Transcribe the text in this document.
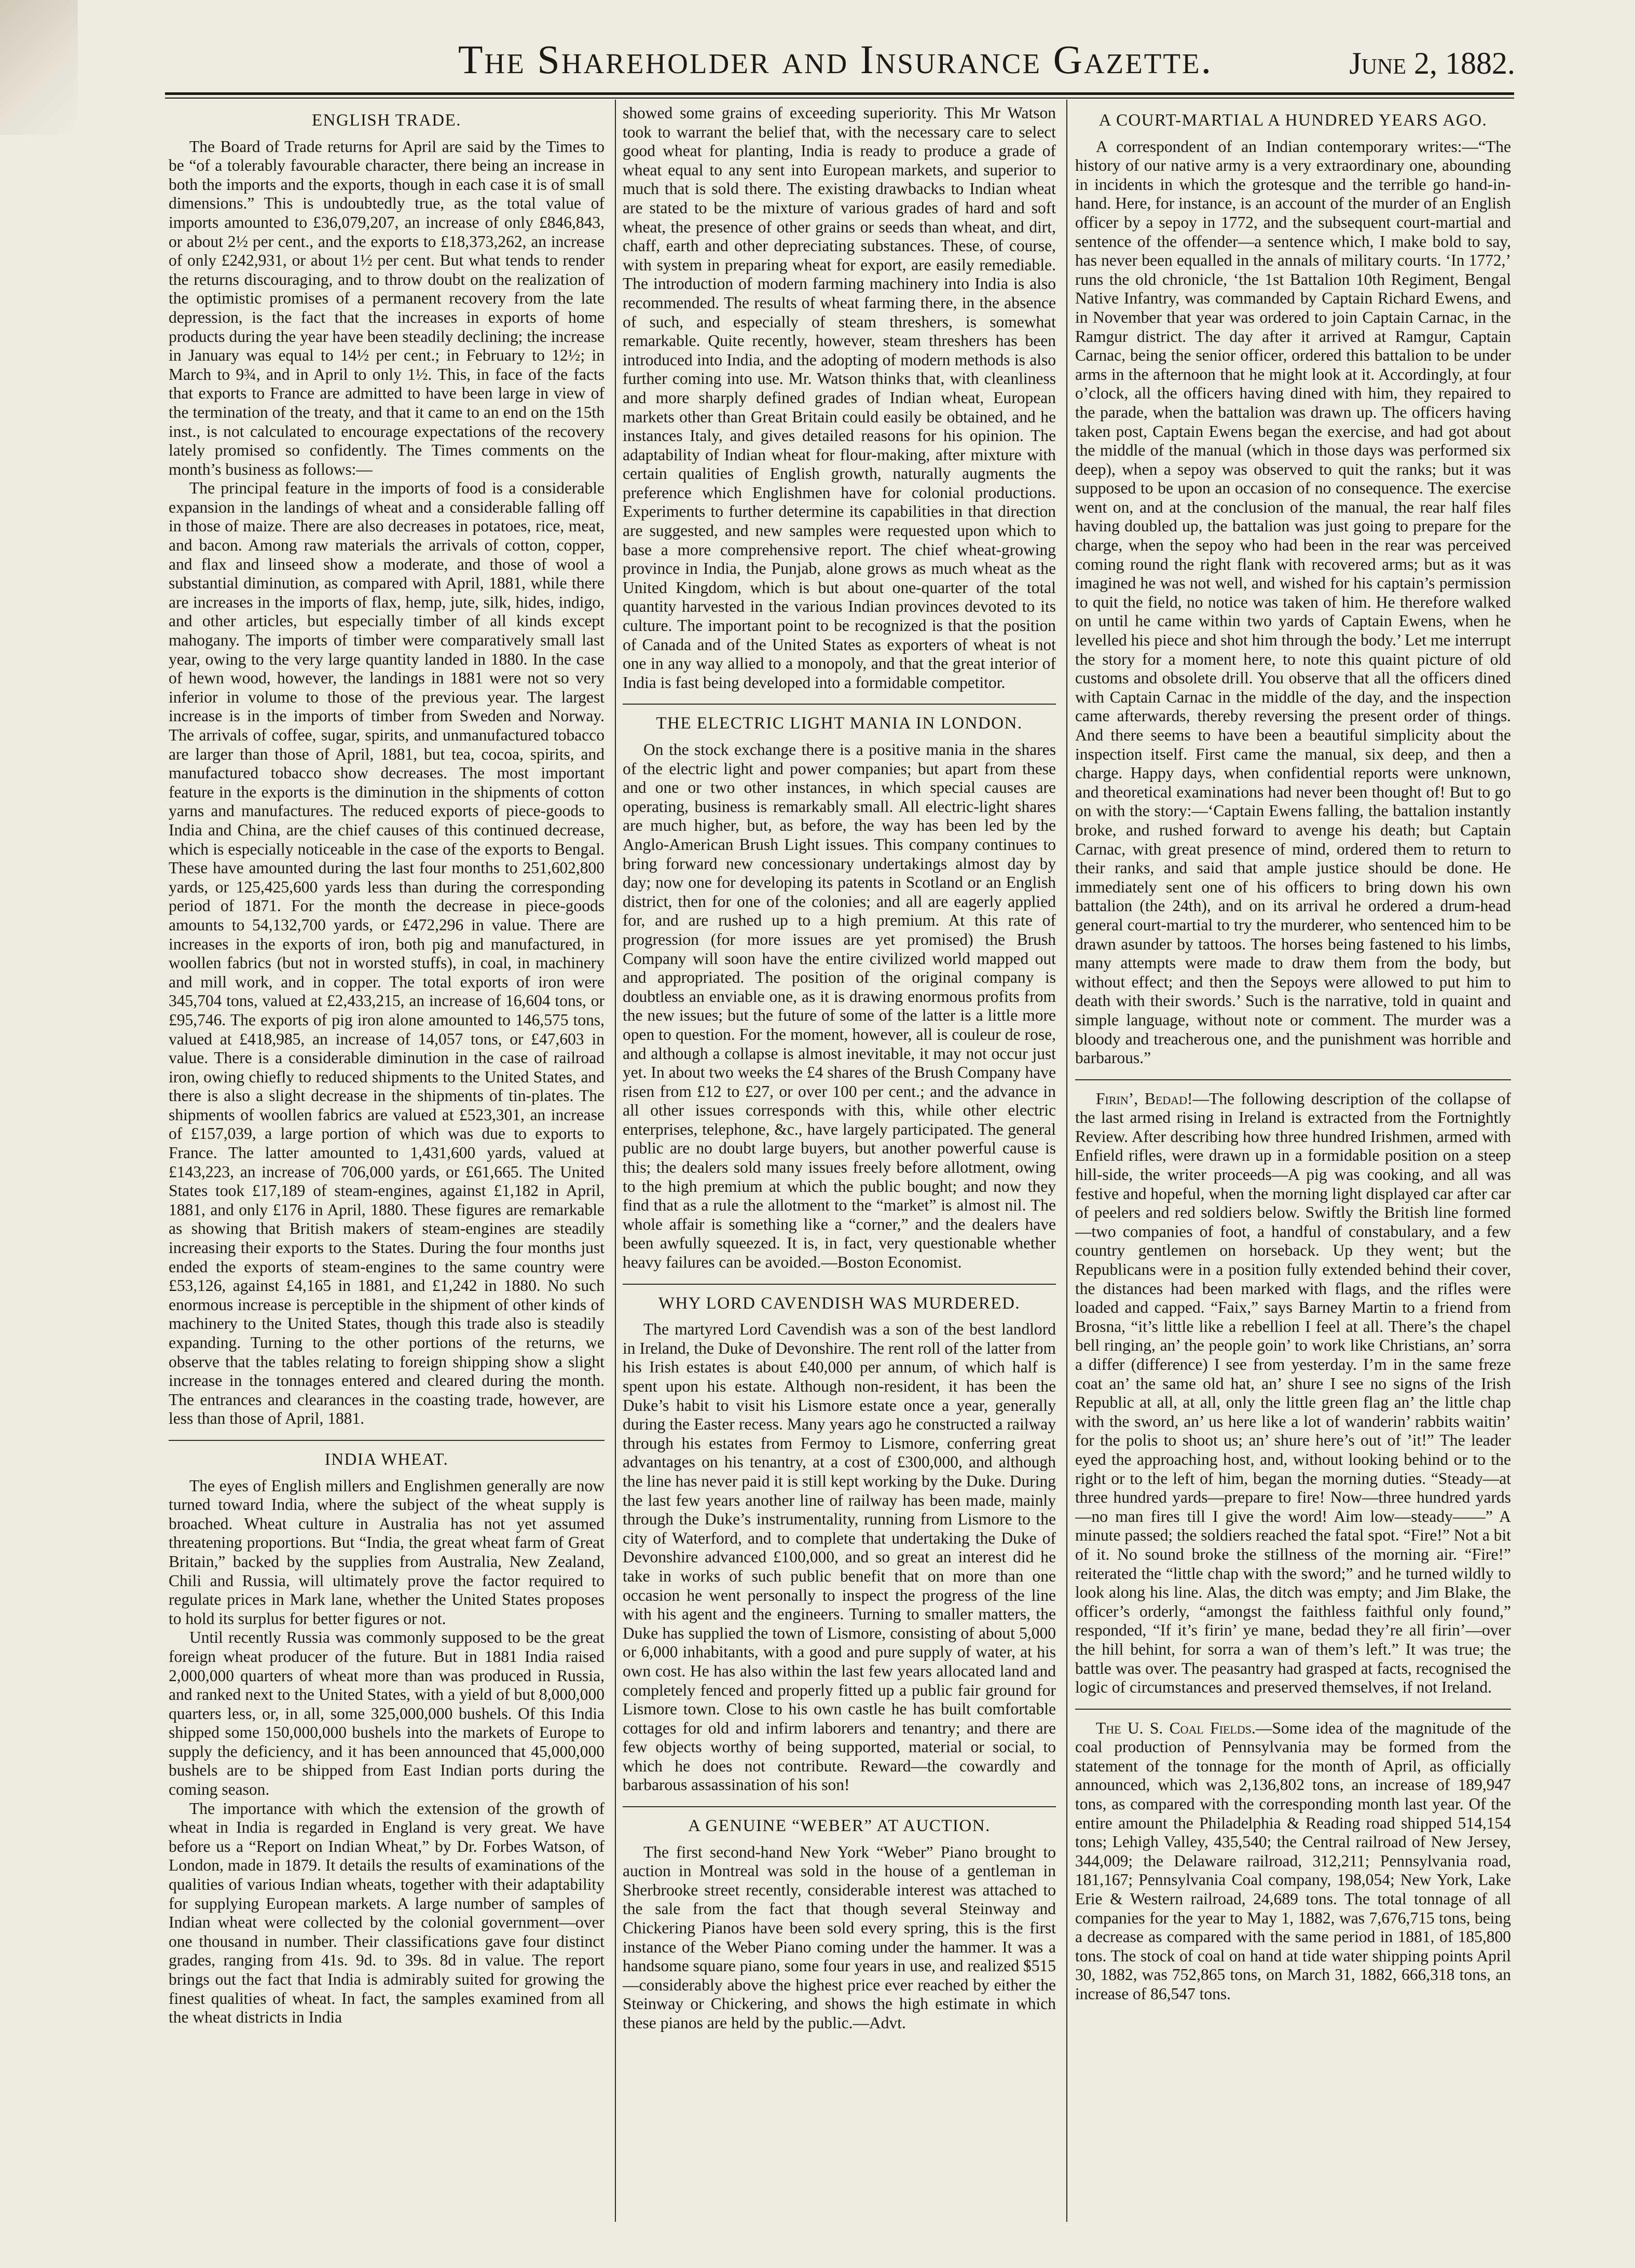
The Shareholder and Insurance Gazette.	June 2, 1882.
ENGLISH TRADE.

The Board of Trade returns for April are said by the Times to be “of a tolerably favourable character, there being an increase in both the imports and the exports, though in each case it is of small dimensions.” This is undoubtedly true, as the total value of imports amounted to £36,079,207, an increase of only £846,843, or about 2½ per cent., and the exports to £18,373,262, an increase of only £242,931, or about 1½ per cent. But what tends to render the returns discouraging, and to throw doubt on the realization of the optimistic promises of a permanent recovery from the late depression, is the fact that the increases in exports of home products during the year have been steadily declining; the increase in January was equal to 14½ per cent.; in February to 12½; in March to 9¾, and in April to only 1½. This, in face of the facts that exports to France are admitted to have been large in view of the termination of the treaty, and that it came to an end on the 15th inst., is not calculated to encourage expectations of the recovery lately promised so confidently. The Times comments on the month’s business as follows:—

The principal feature in the imports of food is a considerable expansion in the landings of wheat and a considerable falling off in those of maize. There are also decreases in potatoes, rice, meat, and bacon. Among raw materials the arrivals of cotton, copper, and flax and linseed show a moderate, and those of wool a substantial diminution, as compared with April, 1881, while there are increases in the imports of flax, hemp, jute, silk, hides, indigo, and other articles, but especially timber of all kinds except mahogany. The imports of timber were comparatively small last year, owing to the very large quantity landed in 1880. In the case of hewn wood, however, the landings in 1881 were not so very inferior in volume to those of the previous year. The largest increase is in the imports of timber from Sweden and Norway. The arrivals of coffee, sugar, spirits, and unmanufactured tobacco are larger than those of April, 1881, but tea, cocoa, spirits, and manufactured tobacco show decreases. The most important feature in the exports is the diminution in the shipments of cotton yarns and manufactures. The reduced exports of piece-goods to India and China, are the chief causes of this continued decrease, which is especially noticeable in the case of the exports to Bengal. These have amounted during the last four months to 251,602,800 yards, or 125,425,600 yards less than during the corresponding period of 1871. For the month the decrease in piece-goods amounts to 54,132,700 yards, or £472,296 in value. There are increases in the exports of iron, both pig and manufactured, in woollen fabrics (but not in worsted stuffs), in coal, in machinery and mill work, and in copper. The total exports of iron were 345,704 tons, valued at £2,433,215, an increase of 16,604 tons, or £95,746. The exports of pig iron alone amounted to 146,575 tons, valued at £418,985, an increase of 14,057 tons, or £47,603 in value. There is a considerable diminution in the case of railroad iron, owing chiefly to reduced shipments to the United States, and there is also a slight decrease in the shipments of tin-plates. The shipments of woollen fabrics are valued at £523,301, an increase of £157,039, a large portion of which was due to exports to France. The latter amounted to 1,431,600 yards, valued at £143,223, an increase of 706,000 yards, or £61,665. The United States took £17,189 of steam-engines, against £1,182 in April, 1881, and only £176 in April, 1880. These figures are remarkable as showing that British makers of steam-engines are steadily increasing their exports to the States. During the four months just ended the exports of steam-engines to the same country were £53,126, against £4,165 in 1881, and £1,242 in 1880. No such enormous increase is perceptible in the shipment of other kinds of machinery to the United States, though this trade also is steadily expanding. Turning to the other portions of the returns, we observe that the tables relating to foreign shipping show a slight increase in the tonnages entered and cleared during the month. The entrances and clearances in the coasting trade, however, are less than those of April, 1881.

INDIA WHEAT.

The eyes of English millers and Englishmen generally are now turned toward India, where the subject of the wheat supply is broached. Wheat culture in Australia has not yet assumed threatening proportions. But “India, the great wheat farm of Great Britain,” backed by the supplies from Australia, New Zealand, Chili and Russia, will ultimately prove the factor required to regulate prices in Mark lane, whether the United States proposes to hold its surplus for better figures or not.

Until recently Russia was commonly supposed to be the great foreign wheat producer of the future. But in 1881 India raised 2,000,000 quarters of wheat more than was produced in Russia, and ranked next to the United States, with a yield of but 8,000,000 quarters less, or, in all, some 325,000,000 bushels. Of this India shipped some 150,000,000 bushels into the markets of Europe to supply the deficiency, and it has been announced that 45,000,000 bushels are to be shipped from East Indian ports during the coming season.

The importance with which the extension of the growth of wheat in India is regarded in England is very great. We have before us a “Report on Indian Wheat,” by Dr. Forbes Watson, of London, made in 1879. It details the results of examinations of the qualities of various Indian wheats, together with their adaptability for supplying European markets. A large number of samples of Indian wheat were collected by the colonial government—over one thousand in number. Their classifications gave four distinct grades, ranging from 41s. 9d. to 39s. 8d in value. The report brings out the fact that India is admirably suited for growing the finest qualities of wheat. In fact, the samples examined from all the wheat districts in India

showed some grains of exceeding superiority. This Mr Watson took to warrant the belief that, with the necessary care to select good wheat for planting, India is ready to produce a grade of wheat equal to any sent into European markets, and superior to much that is sold there. The existing drawbacks to Indian wheat are stated to be the mixture of various grades of hard and soft wheat, the presence of other grains or seeds than wheat, and dirt, chaff, earth and other depreciating substances. These, of course, with system in preparing wheat for export, are easily remediable. The introduction of modern farming machinery into India is also recommended. The results of wheat farming there, in the absence of such, and especially of steam threshers, is somewhat remarkable. Quite recently, however, steam threshers has been introduced into India, and the adopting of modern methods is also further coming into use. Mr. Watson thinks that, with cleanliness and more sharply defined grades of Indian wheat, European markets other than Great Britain could easily be obtained, and he instances Italy, and gives detailed reasons for his opinion. The adaptability of Indian wheat for flour-making, after mixture with certain qualities of English growth, naturally augments the preference which Englishmen have for colonial productions. Experiments to further determine its capabilities in that direction are suggested, and new samples were requested upon which to base a more comprehensive report. The chief wheat-growing province in India, the Punjab, alone grows as much wheat as the United Kingdom, which is but about one-quarter of the total quantity harvested in the various Indian provinces devoted to its culture. The important point to be recognized is that the position of Canada and of the United States as exporters of wheat is not one in any way allied to a monopoly, and that the great interior of India is fast being developed into a formidable competitor.

THE ELECTRIC LIGHT MANIA IN LONDON.

On the stock exchange there is a positive mania in the shares of the electric light and power companies; but apart from these and one or two other instances, in which special causes are operating, business is remarkably small. All electric-light shares are much higher, but, as before, the way has been led by the Anglo-American Brush Light issues. This company continues to bring forward new concessionary undertakings almost day by day; now one for developing its patents in Scotland or an English district, then for one of the colonies; and all are eagerly applied for, and are rushed up to a high premium. At this rate of progression (for more issues are yet promised) the Brush Company will soon have the entire civilized world mapped out and appropriated. The position of the original company is doubtless an enviable one, as it is drawing enormous profits from the new issues; but the future of some of the latter is a little more open to question. For the moment, however, all is couleur de rose, and although a collapse is almost inevitable, it may not occur just yet. In about two weeks the £4 shares of the Brush Company have risen from £12 to £27, or over 100 per cent.; and the advance in all other issues corresponds with this, while other electric enterprises, telephone, &c., have largely participated. The general public are no doubt large buyers, but another powerful cause is this; the dealers sold many issues freely before allotment, owing to the high premium at which the public bought; and now they find that as a rule the allotment to the “market” is almost nil. The whole affair is something like a “corner,” and the dealers have been awfully squeezed. It is, in fact, very questionable whether heavy failures can be avoided.—Boston Economist.

WHY LORD CAVENDISH WAS MURDERED.

The martyred Lord Cavendish was a son of the best landlord in Ireland, the Duke of Devonshire. The rent roll of the latter from his Irish estates is about £40,000 per annum, of which half is spent upon his estate. Although non-resident, it has been the Duke’s habit to visit his Lismore estate once a year, generally during the Easter recess. Many years ago he constructed a railway through his estates from Fermoy to Lismore, conferring great advantages on his tenantry, at a cost of £300,000, and although the line has never paid it is still kept working by the Duke. During the last few years another line of railway has been made, mainly through the Duke’s instrumentality, running from Lismore to the city of Waterford, and to complete that undertaking the Duke of Devonshire advanced £100,000, and so great an interest did he take in works of such public benefit that on more than one occasion he went personally to inspect the progress of the line with his agent and the engineers. Turning to smaller matters, the Duke has supplied the town of Lismore, consisting of about 5,000 or 6,000 inhabitants, with a good and pure supply of water, at his own cost. He has also within the last few years allocated land and completely fenced and properly fitted up a public fair ground for Lismore town. Close to his own castle he has built comfortable cottages for old and infirm laborers and tenantry; and there are few objects worthy of being supported, material or social, to which he does not contribute. Reward—the cowardly and barbarous assassination of his son!

A GENUINE “WEBER” AT AUCTION.

The first second-hand New York “Weber” Piano brought to auction in Montreal was sold in the house of a gentleman in Sherbrooke street recently, considerable interest was attached to the sale from the fact that though several Steinway and Chickering Pianos have been sold every spring, this is the first instance of the Weber Piano coming under the hammer. It was a handsome square piano, some four years in use, and realized $515—considerably above the highest price ever reached by either the Steinway or Chickering, and shows the high estimate in which these pianos are held by the public.—Advt.

A COURT-MARTIAL A HUNDRED YEARS AGO.

A correspondent of an Indian contemporary writes:—“The history of our native army is a very extraordinary one, abounding in incidents in which the grotesque and the terrible go hand-in-hand. Here, for instance, is an account of the murder of an English officer by a sepoy in 1772, and the subsequent court-martial and sentence of the offender—a sentence which, I make bold to say, has never been equalled in the annals of military courts. ‘In 1772,’ runs the old chronicle, ‘the 1st Battalion 10th Regiment, Bengal Native Infantry, was commanded by Captain Richard Ewens, and in November that year was ordered to join Captain Carnac, in the Ramgur district. The day after it arrived at Ramgur, Captain Carnac, being the senior officer, ordered this battalion to be under arms in the afternoon that he might look at it. Accordingly, at four o’clock, all the officers having dined with him, they repaired to the parade, when the battalion was drawn up. The officers having taken post, Captain Ewens began the exercise, and had got about the middle of the manual (which in those days was performed six deep), when a sepoy was observed to quit the ranks; but it was supposed to be upon an occasion of no consequence. The exercise went on, and at the conclusion of the manual, the rear half files having doubled up, the battalion was just going to prepare for the charge, when the sepoy who had been in the rear was perceived coming round the right flank with recovered arms; but as it was imagined he was not well, and wished for his captain’s permission to quit the field, no notice was taken of him. He therefore walked on until he came within two yards of Captain Ewens, when he levelled his piece and shot him through the body.’ Let me interrupt the story for a moment here, to note this quaint picture of old customs and obsolete drill. You observe that all the officers dined with Captain Carnac in the middle of the day, and the inspection came afterwards, thereby reversing the present order of things. And there seems to have been a beautiful simplicity about the inspection itself. First came the manual, six deep, and then a charge. Happy days, when confidential reports were unknown, and theoretical examinations had never been thought of! But to go on with the story:—‘Captain Ewens falling, the battalion instantly broke, and rushed forward to avenge his death; but Captain Carnac, with great presence of mind, ordered them to return to their ranks, and said that ample justice should be done. He immediately sent one of his officers to bring down his own battalion (the 24th), and on its arrival he ordered a drum-head general court-martial to try the murderer, who sentenced him to be drawn asunder by tattoos. The horses being fastened to his limbs, many attempts were made to draw them from the body, but without effect; and then the Sepoys were allowed to put him to death with their swords.’ Such is the narrative, told in quaint and simple language, without note or comment. The murder was a bloody and treacherous one, and the punishment was horrible and barbarous.”

Firin’, Bedad!—The following description of the collapse of the last armed rising in Ireland is extracted from the Fortnightly Review. After describing how three hundred Irishmen, armed with Enfield rifles, were drawn up in a formidable position on a steep hill-side, the writer proceeds—A pig was cooking, and all was festive and hopeful, when the morning light displayed car after car of peelers and red soldiers below. Swiftly the British line formed—two companies of foot, a handful of constabulary, and a few country gentlemen on horseback. Up they went; but the Republicans were in a position fully extended behind their cover, the distances had been marked with flags, and the rifles were loaded and capped. “Faix,” says Barney Martin to a friend from Brosna, “it’s little like a rebellion I feel at all. There’s the chapel bell ringing, an’ the people goin’ to work like Christians, an’ sorra a differ (difference) I see from yesterday. I’m in the same freze coat an’ the same old hat, an’ shure I see no signs of the Irish Republic at all, at all, only the little green flag an’ the little chap with the sword, an’ us here like a lot of wanderin’ rabbits waitin’ for the polis to shoot us; an’ shure here’s out of ’it!” The leader eyed the approaching host, and, without looking behind or to the right or to the left of him, began the morning duties. “Steady—at three hundred yards—prepare to fire! Now—three hundred yards—no man fires till I give the word! Aim low—steady——” A minute passed; the soldiers reached the fatal spot. “Fire!” Not a bit of it. No sound broke the stillness of the morning air. “Fire!” reiterated the “little chap with the sword;” and he turned wildly to look along his line. Alas, the ditch was empty; and Jim Blake, the officer’s orderly, “amongst the faithless faithful only found,” responded, “If it’s firin’ ye mane, bedad they’re all firin’—over the hill behint, for sorra a wan of them’s left.” It was true; the battle was over. The peasantry had grasped at facts, recognised the logic of circumstances and preserved themselves, if not Ireland.

The U. S. Coal Fields.—Some idea of the magnitude of the coal production of Pennsylvania may be formed from the statement of the tonnage for the month of April, as officially announced, which was 2,136,802 tons, an increase of 189,947 tons, as compared with the corresponding month last year. Of the entire amount the Philadelphia & Reading road shipped 514,154 tons; Lehigh Valley, 435,540; the Central railroad of New Jersey, 344,009; the Delaware railroad, 312,211; Pennsylvania road, 181,167; Pennsylvania Coal company, 198,054; New York, Lake Erie & Western railroad, 24,689 tons. The total tonnage of all companies for the year to May 1, 1882, was 7,676,715 tons, being a decrease as compared with the same period in 1881, of 185,800 tons. The stock of coal on hand at tide water shipping points April 30, 1882, was 752,865 tons, on March 31, 1882, 666,318 tons, an increase of 86,547 tons.
